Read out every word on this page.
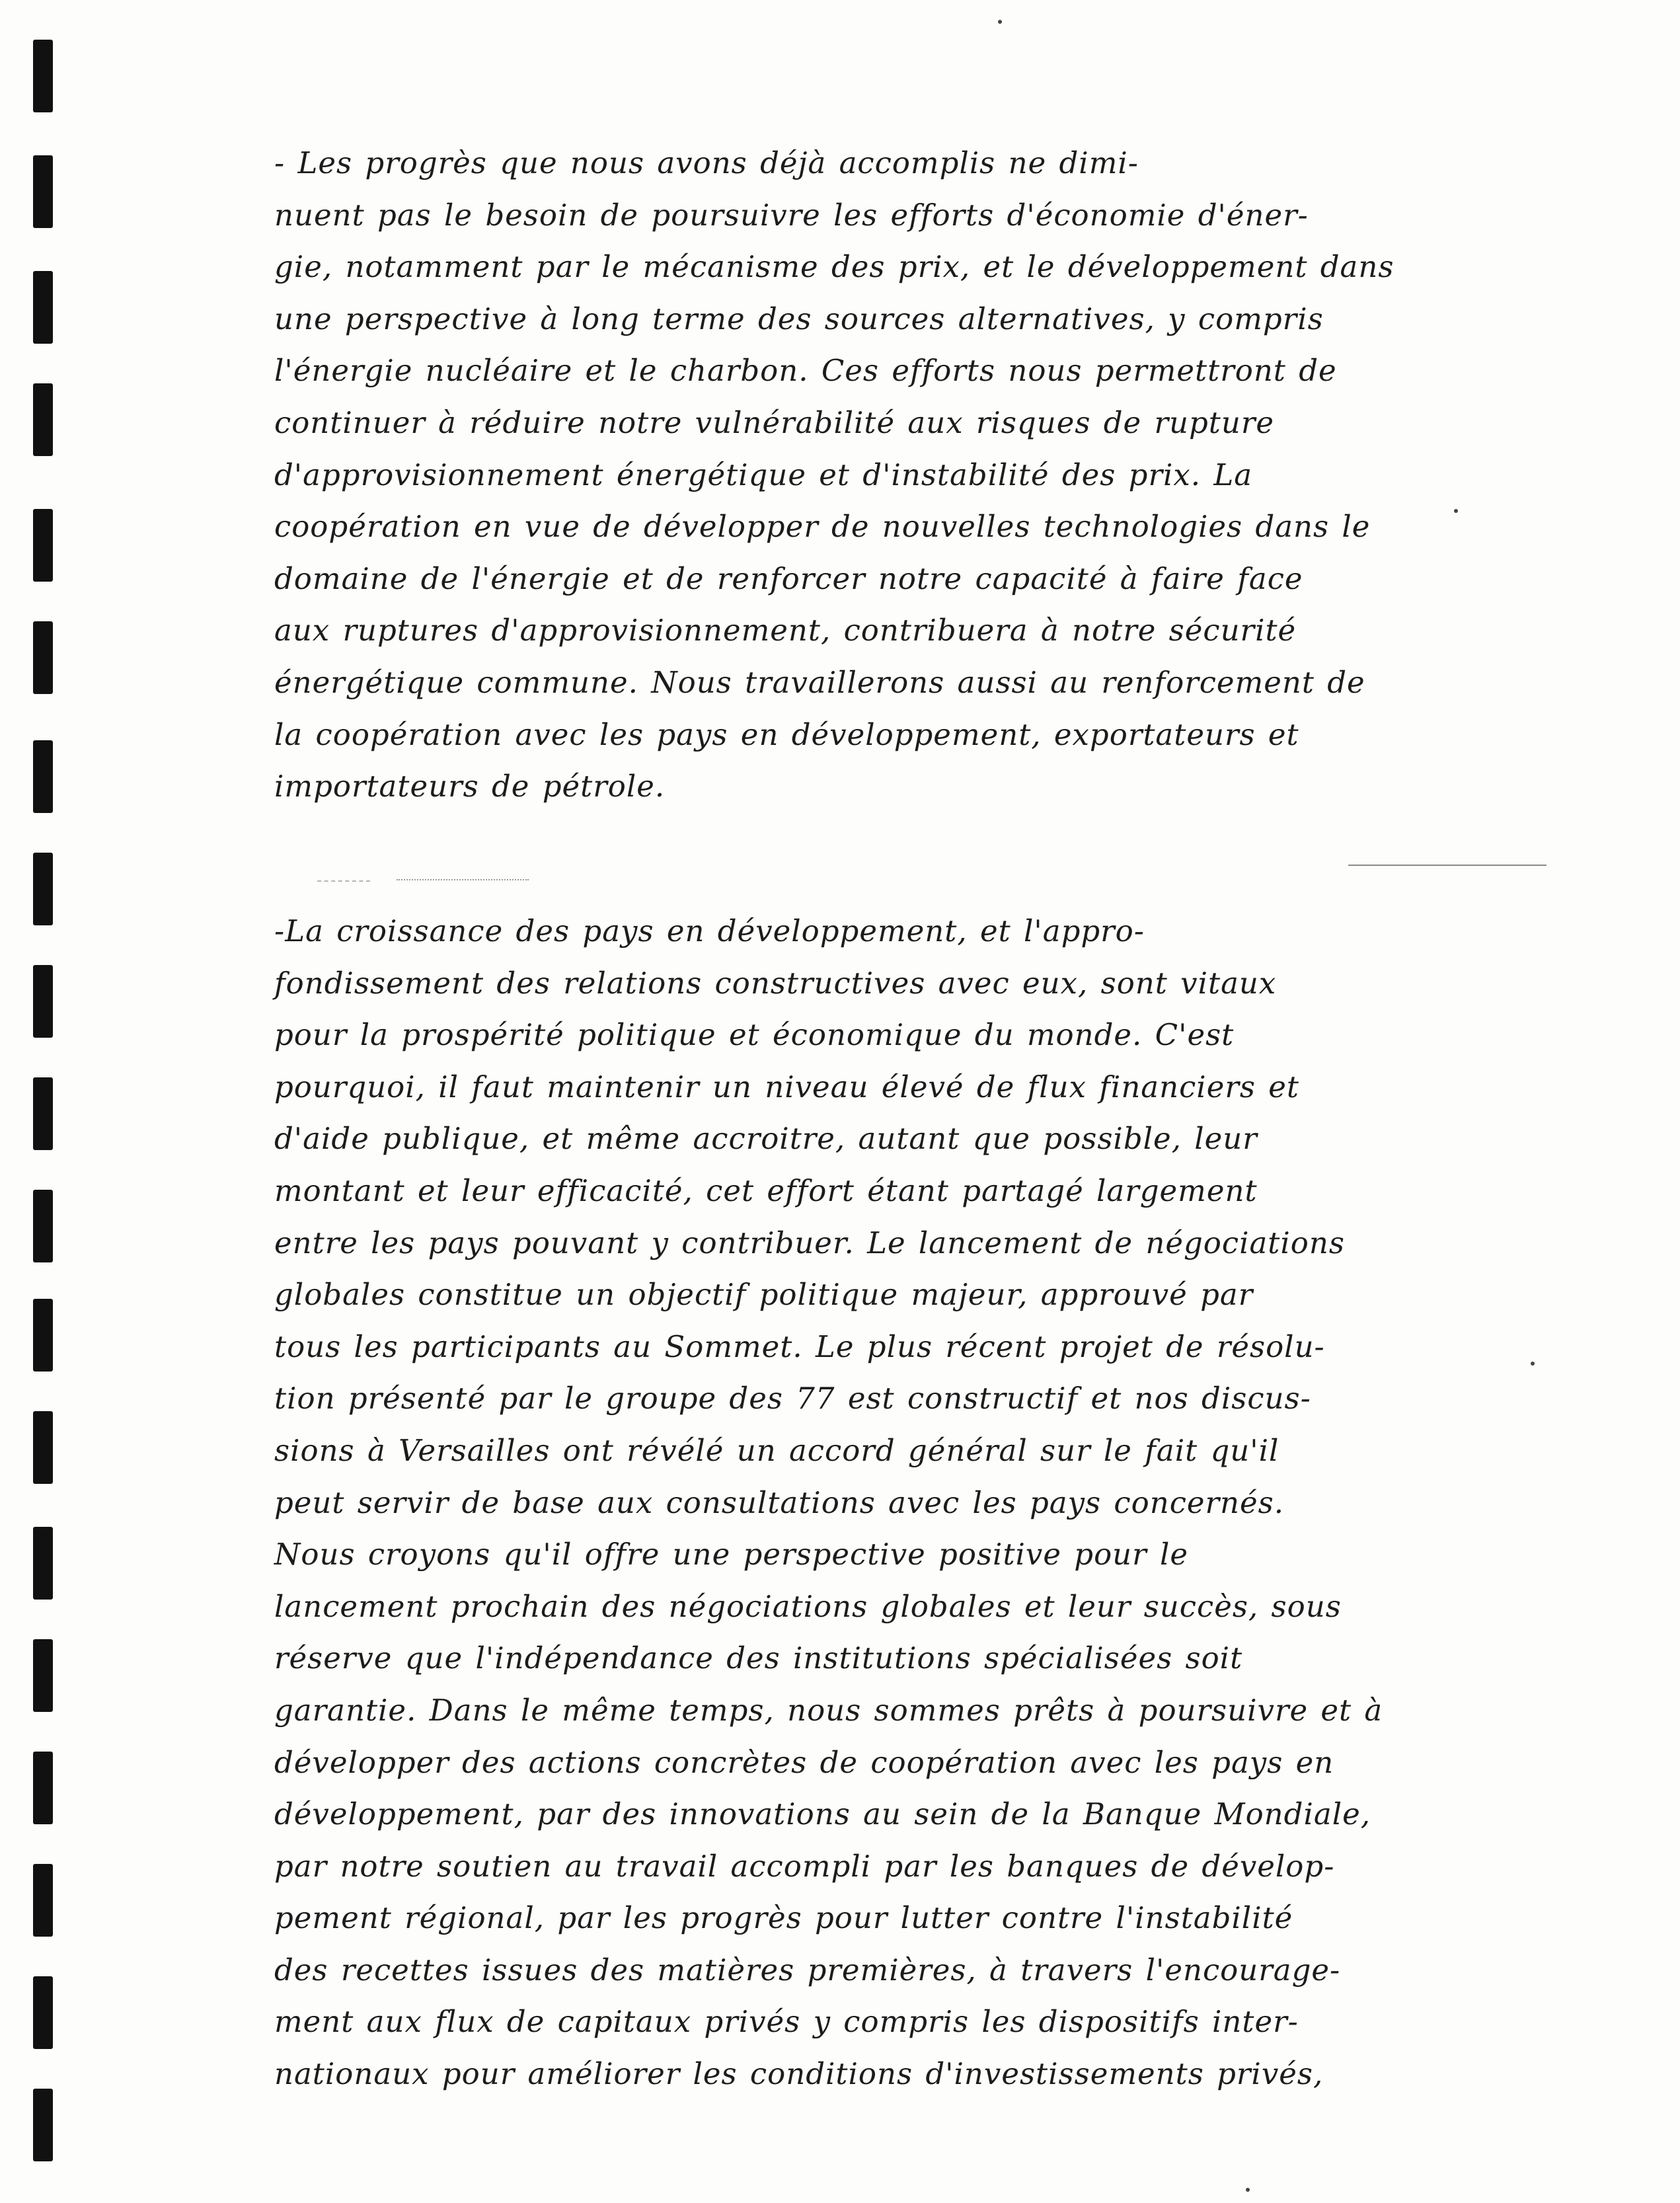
- Les progrès que nous avons déjà accomplis ne dimi-
nuent pas le besoin de poursuivre les efforts d'économie d'éner-
gie, notamment par le mécanisme des prix, et le développement dans
une perspective à long terme des sources alternatives, y compris
l'énergie nucléaire et le charbon. Ces efforts nous permettront de
continuer à réduire notre vulnérabilité aux risques de rupture
d'approvisionnement énergétique et d'instabilité des prix. La
coopération en vue de développer de nouvelles technologies dans le
domaine de l'énergie et de renforcer notre capacité à faire face
aux ruptures d'approvisionnement, contribuera à notre sécurité
énergétique commune. Nous travaillerons aussi au renforcement de
la coopération avec les pays en développement, exportateurs et
importateurs de pétrole.

-La croissance des pays en développement, et l'appro-
fondissement des relations constructives avec eux, sont vitaux
pour la prospérité politique et économique du monde. C'est
pourquoi, il faut maintenir un niveau élevé de flux financiers et
d'aide publique, et même accroitre, autant que possible, leur
montant et leur efficacité, cet effort étant partagé largement
entre les pays pouvant y contribuer. Le lancement de négociations
globales constitue un objectif politique majeur, approuvé par
tous les participants au Sommet. Le plus récent projet de résolu-
tion présenté par le groupe des 77 est constructif et nos discus-
sions à Versailles ont révélé un accord général sur le fait qu'il
peut servir de base aux consultations avec les pays concernés.
Nous croyons qu'il offre une perspective positive pour le
lancement prochain des négociations globales et leur succès, sous
réserve que l'indépendance des institutions spécialisées soit
garantie. Dans le même temps, nous sommes prêts à poursuivre et à
développer des actions concrètes de coopération avec les pays en
développement, par des innovations au sein de la Banque Mondiale,
par notre soutien au travail accompli par les banques de dévelop-
pement régional, par les progrès pour lutter contre l'instabilité
des recettes issues des matières premières, à travers l'encourage-
ment aux flux de capitaux privés y compris les dispositifs inter-
nationaux pour améliorer les conditions d'investissements privés,
